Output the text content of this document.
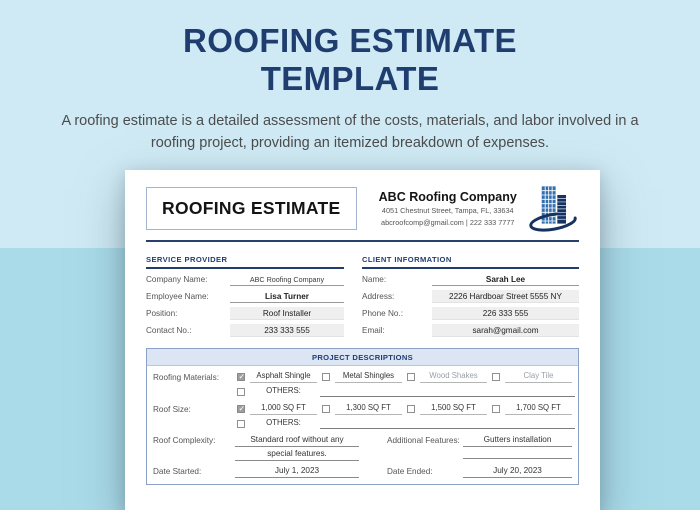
ROOFING ESTIMATE
TEMPLATE

A roofing estimate is a detailed assessment of the costs, materials, and labor involved in a roofing project, providing an itemized breakdown of expenses.

ROOFING ESTIMATE
ABC Roofing Company
4051 Chestnut Street, Tampa, FL, 33634
abcroofcomp@gmail.com | 222 333 7777
SERVICE PROVIDER
Company Name:	ABC Roofing Company
Employee Name:	Lisa Turner
Position:	Roof Installer
Contact No.:	233 333 555
CLIENT INFORMATION
Name:	Sarah Lee
Address:	2226 Hardboar Street 5555 NY
Phone No.:	226 333 555
Email:	sarah@gmail.com
PROJECT DESCRIPTIONS
Roofing Materials: ✓	Asphalt Shingle	Metal Shingles	Wood Shakes	Clay Tile
OTHERS:
Roof Size: ✓	1,000 SQ FT	1,300 SQ FT	1,500 SQ FT	1,700 SQ FT
OTHERS:
Roof Complexity:	Standard roof without any
special features.
Additional Features:	Gutters installation
Date Started:	July 1, 2023	Date Ended:	July 20, 2023
